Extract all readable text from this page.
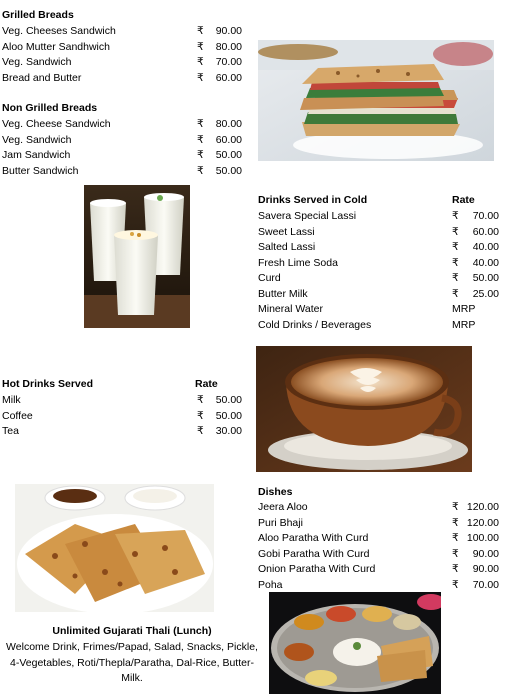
Grilled Breads
Veg. Cheeses Sandwich	₹	90.00
Aloo Mutter Sandhwich	₹	80.00
Veg. Sandwich	₹	70.00
Bread and Butter	₹	60.00
Non Grilled Breads
Veg. Cheese Sandwich	₹	80.00
Veg. Sandwich	₹	60.00
Jam Sandwich	₹	50.00
Butter Sandwich	₹	50.00
Drinks Served in Cold	Rate
Savera Special Lassi	₹	70.00
Sweet Lassi	₹	60.00
Salted Lassi	₹	40.00
Fresh Lime Soda	₹	40.00
Curd	₹	50.00
Butter Milk	₹	25.00
Mineral Water	MRP
Cold Drinks / Beverages	MRP
Hot Drinks Served	Rate
Milk	₹	50.00
Coffee	₹	50.00
Tea	₹	30.00
Dishes
Jeera Aloo	₹ 120.00
Puri Bhaji	₹ 120.00
Aloo Paratha With Curd	₹ 100.00
Gobi Paratha With Curd	₹	90.00
Onion Paratha With Curd	₹	90.00
Poha	₹	70.00
Unlimited Gujarati Thali (Lunch)
Welcome Drink, Frimes/Papad, Salad, Snacks, Pickle,
4-Vegetables, Roti/Thepla/Paratha, Dal-Rice, Butter-
Milk.
